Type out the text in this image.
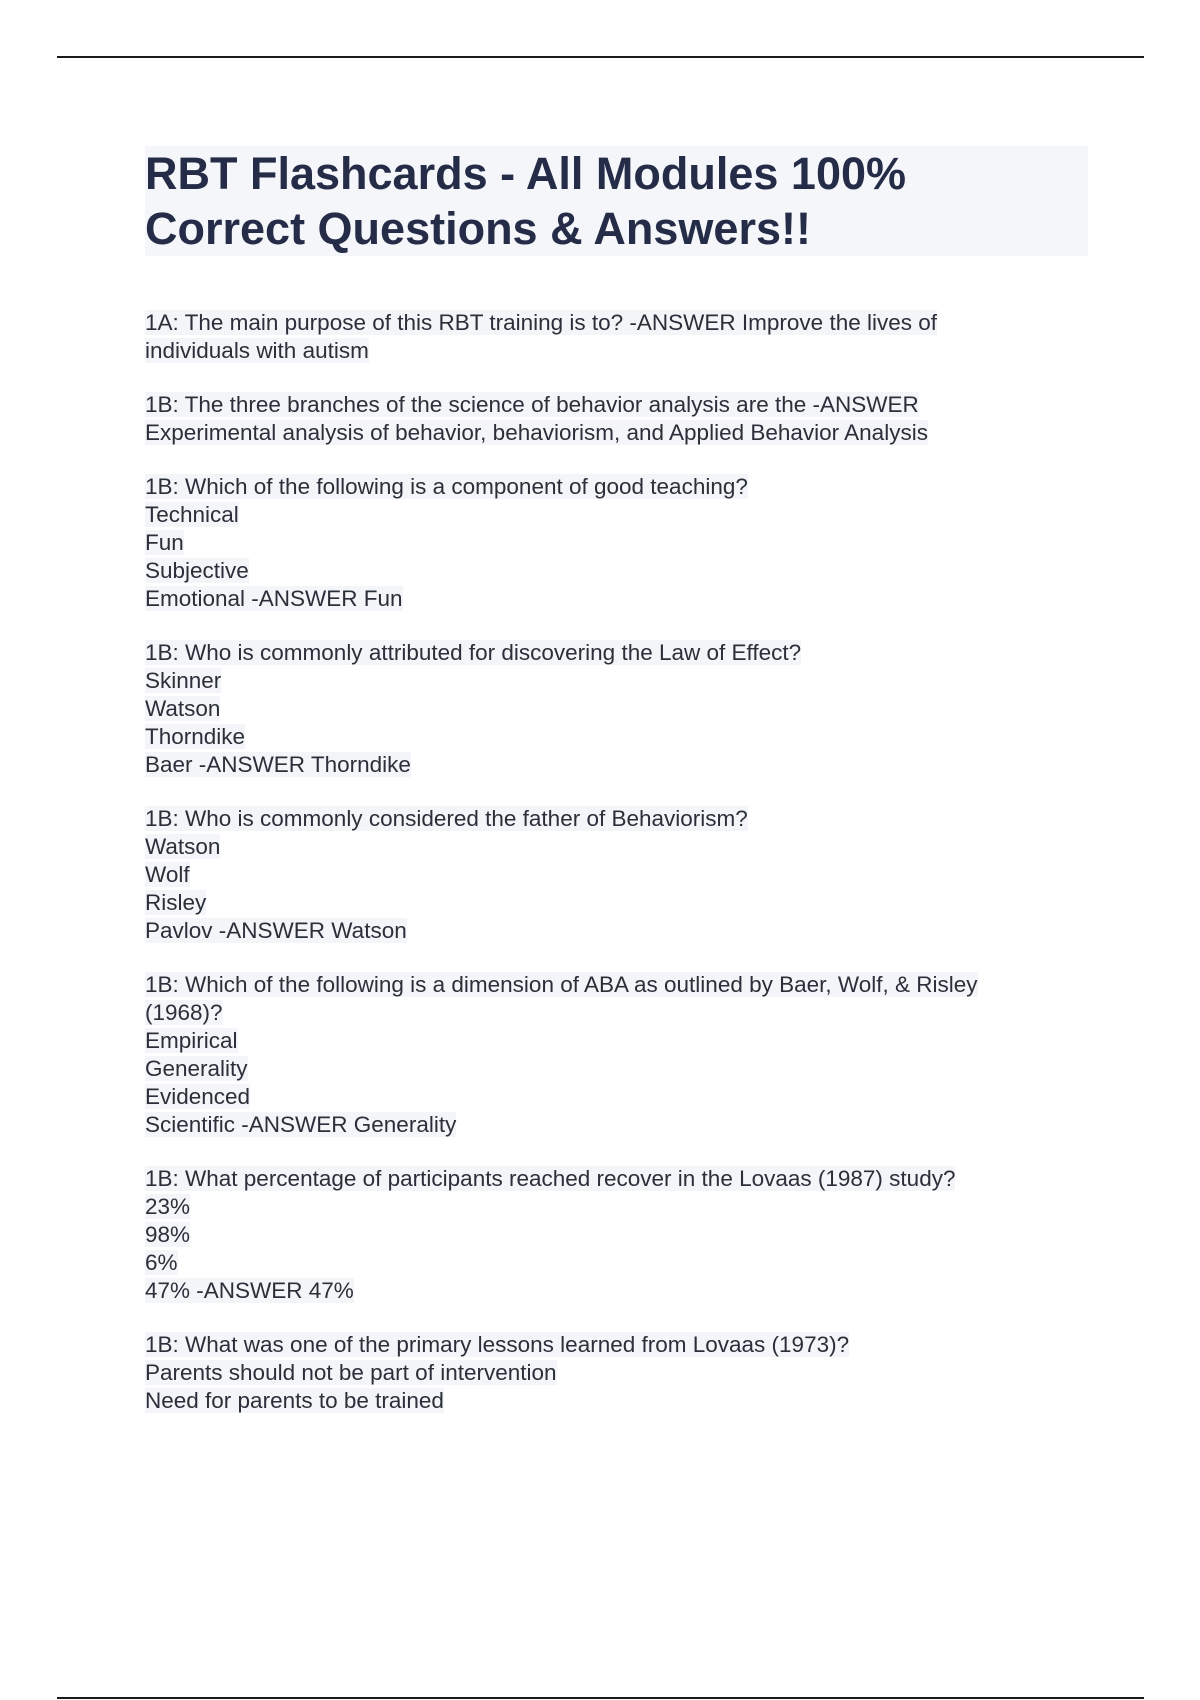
RBT Flashcards - All Modules 100%
Correct Questions & Answers!!
1A: The main purpose of this RBT training is to? -ANSWER Improve the lives of
individuals with autism
1B: The three branches of the science of behavior analysis are the -ANSWER
Experimental analysis of behavior, behaviorism, and Applied Behavior Analysis
1B: Which of the following is a component of good teaching?
Technical
Fun
Subjective
Emotional -ANSWER Fun
1B: Who is commonly attributed for discovering the Law of Effect?
Skinner
Watson
Thorndike
Baer -ANSWER Thorndike
1B: Who is commonly considered the father of Behaviorism?
Watson
Wolf
Risley
Pavlov -ANSWER Watson
1B: Which of the following is a dimension of ABA as outlined by Baer, Wolf, & Risley
(1968)?
Empirical
Generality
Evidenced
Scientific -ANSWER Generality
1B: What percentage of participants reached recover in the Lovaas (1987) study?
23%
98%
6%
47% -ANSWER 47%
1B: What was one of the primary lessons learned from Lovaas (1973)?
Parents should not be part of intervention
Need for parents to be trained
